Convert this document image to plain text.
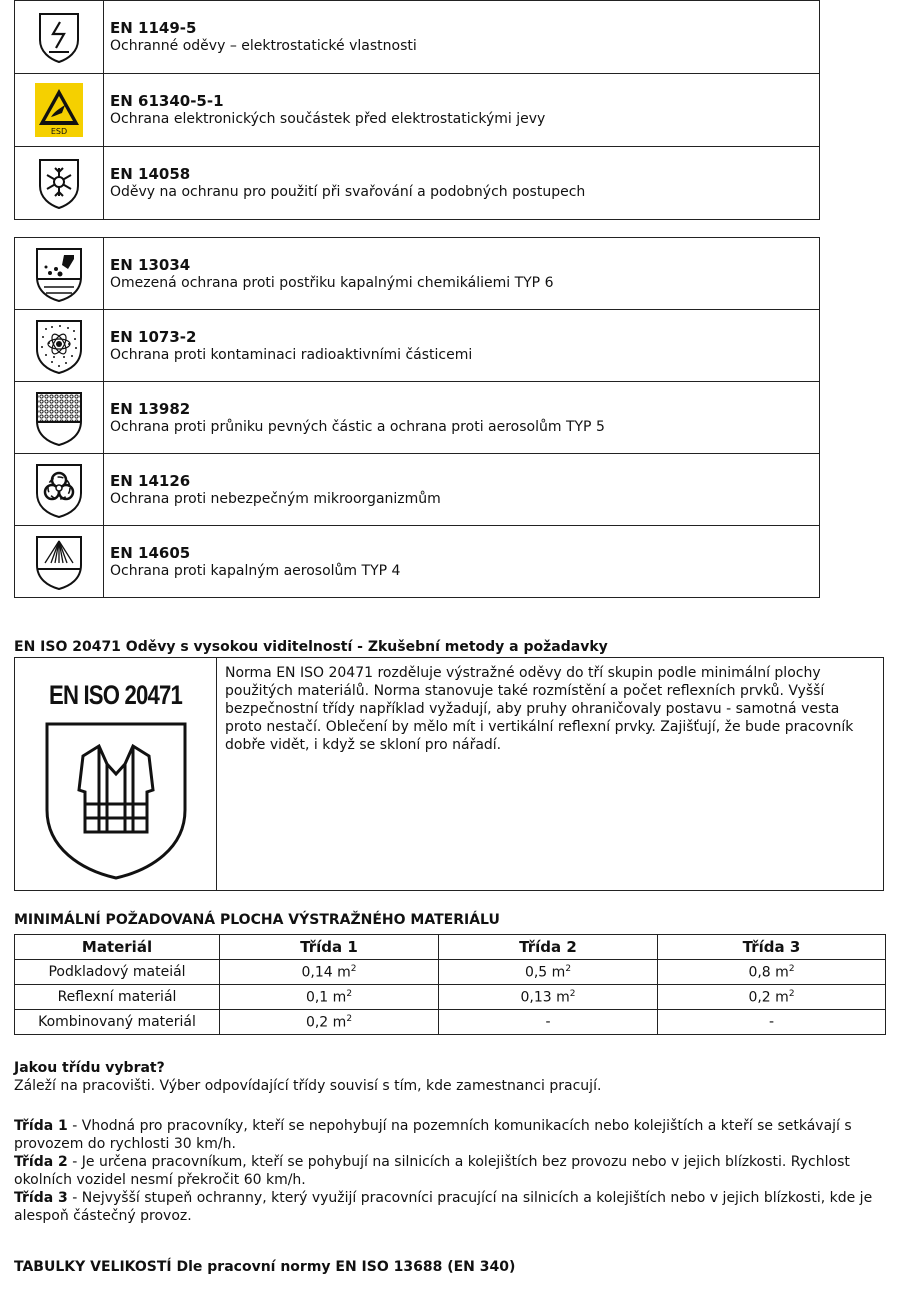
EN 1149-5
Ochranné oděvy – elektrostatické vlastnosti

ESD	EN 61340-5-1
Ochrana elektronických součástek před elektrostatickými jevy

EN 14058
Oděvy na ochranu pro použití při svařování a podobných postupech

EN 13034
Omezená ochrana proti postřiku kapalnými chemikáliemi TYP 6

EN 1073-2
Ochrana proti kontaminaci radioaktivními částicemi

EN 13982
Ochrana proti průniku pevných částic a ochrana proti aerosolům TYP 5

EN 14126
Ochrana proti nebezpečným mikroorganizmům

EN 14605
Ochrana proti kapalným aerosolům TYP 4
EN ISO 20471 Oděvy s vysokou viditelností - Zkušební metody a požadavky
EN ISO 20471
Norma EN ISO 20471 rozděluje výstražné oděvy do tří skupin podle minimální plochy použitých materiálů. Norma stanovuje také rozmístění a počet reflexních prvků. Vyšší bezpečnostní třídy například vyžadují, aby pruhy ohraničovaly postavu - samotná vesta proto nestačí. Oblečení by mělo mít i vertikální reflexní prvky. Zajišťují, že bude pracovník dobře vidět, i když se skloní pro nářadí.
MINIMÁLNÍ POŽADOVANÁ PLOCHA VÝSTRAŽNÉHO MATERIÁLU
Materiál	Třída 1	Třída 2	Třída 3
Podkladový mateiál	0,14 $m^2$	0,5 $m^2$	0,8 $m^2$
Reflexní materiál	0,1 $m^2$	0,13 $m^2$	0,2 $m^2$
Kombinovaný materiál	0,2 $m^2$	-	-
Jakou třídu vybrat?
Záleží na pracovišti. Výber odpovídající třídy souvisí s tím, kde zamestnanci pracují.
Třída 1 - Vhodná pro pracovníky, kteří se nepohybují na pozemních komunikacích nebo kolejištích a kteří se setkávají s provozem do rychlosti 30 km/h.
Třída 2 - Je určena pracovníkum, kteří se pohybují na silnicích a kolejištích bez provozu nebo v jejich blízkosti. Rychlost okolních vozidel nesmí překročit 60 km/h.
Třída 3 - Nejvyšší stupeň ochranny, který využijí pracovníci pracující na silnicích a kolejištích nebo v jejich blízkosti, kde je alespoň částečný provoz.
TABULKY VELIKOSTÍ Dle pracovní normy EN ISO 13688 (EN 340)
